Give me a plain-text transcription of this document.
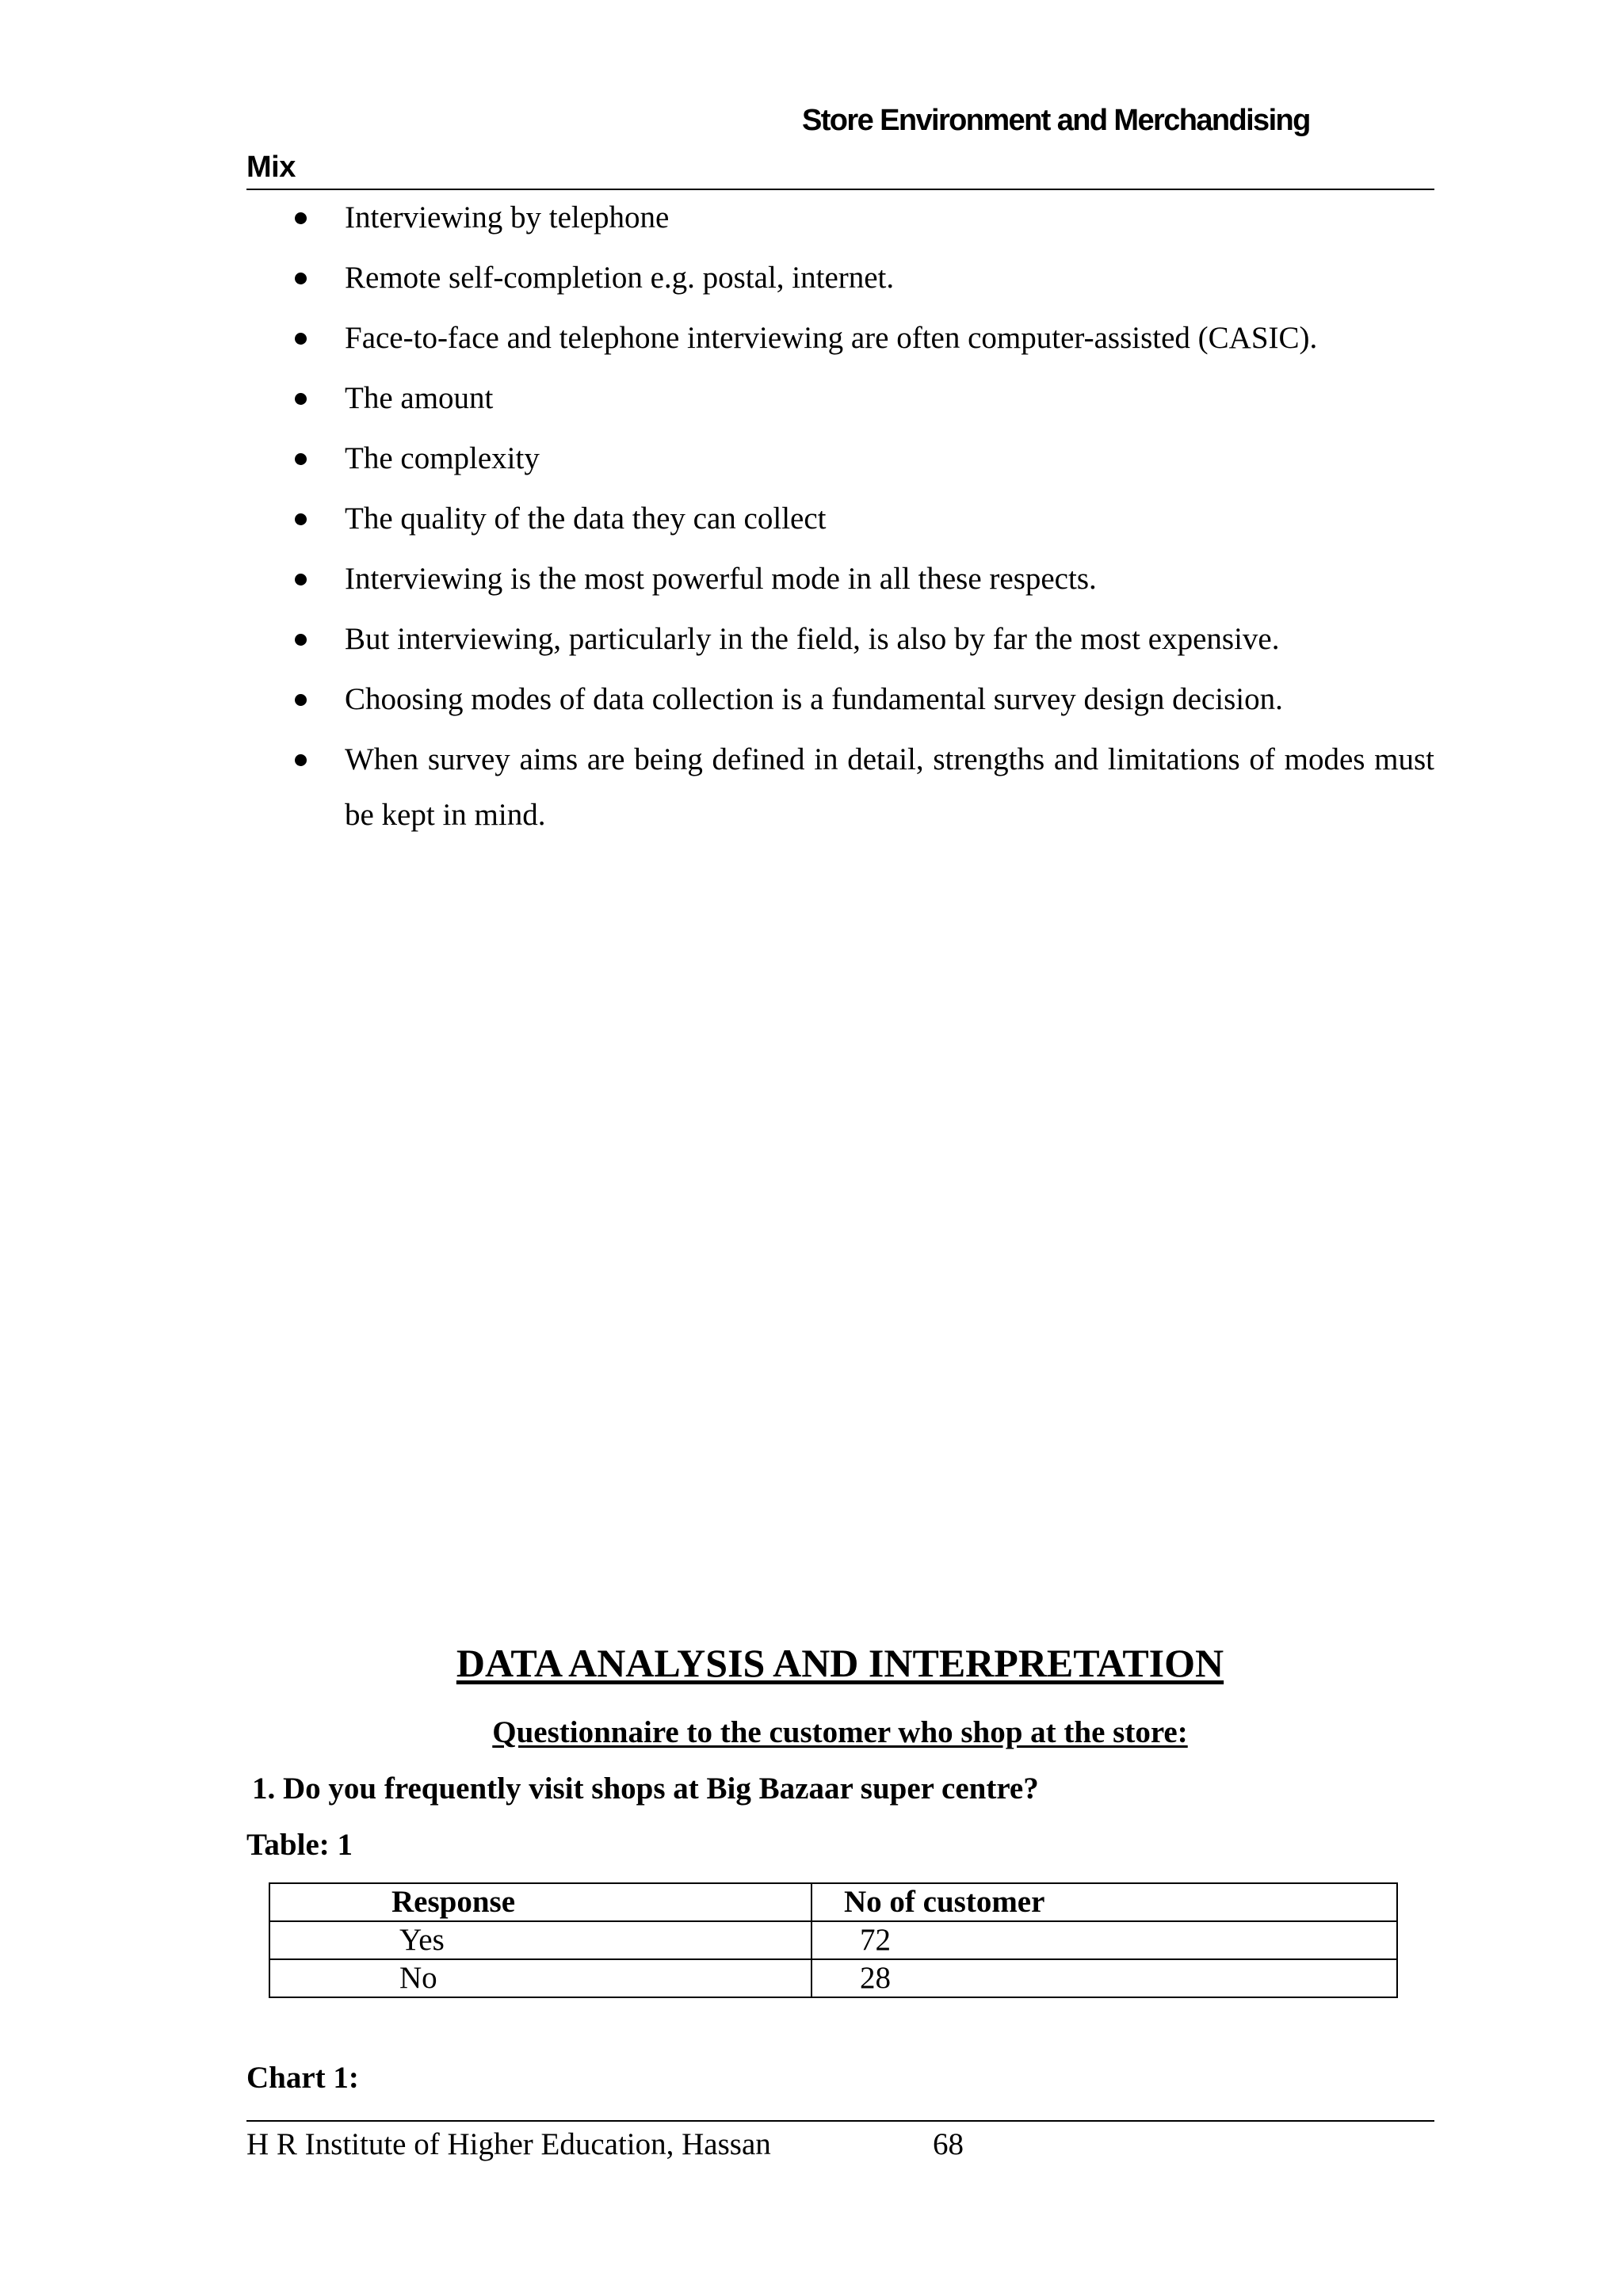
Store Environment and Merchandising
Mix
Interviewing by telephone
Remote self-completion e.g. postal, internet.
Face-to-face and telephone interviewing are often computer-assisted (CASIC).
The amount
The complexity
The quality of the data they can collect
Interviewing is the most powerful mode in all these respects.
But interviewing, particularly in the field, is also by far the most expensive.
Choosing modes of data collection is a fundamental survey design decision.
When survey aims are being defined in detail, strengths and limitations of modes must be kept in mind.
DATA ANALYSIS AND INTERPRETATION
Questionnaire to the customer who shop at the store:
1. Do you frequently visit shops at Big Bazaar super centre?
Table: 1
Response	No of customer
Yes	72
No	28
Chart 1:
H R Institute of Higher Education, Hassan	68
